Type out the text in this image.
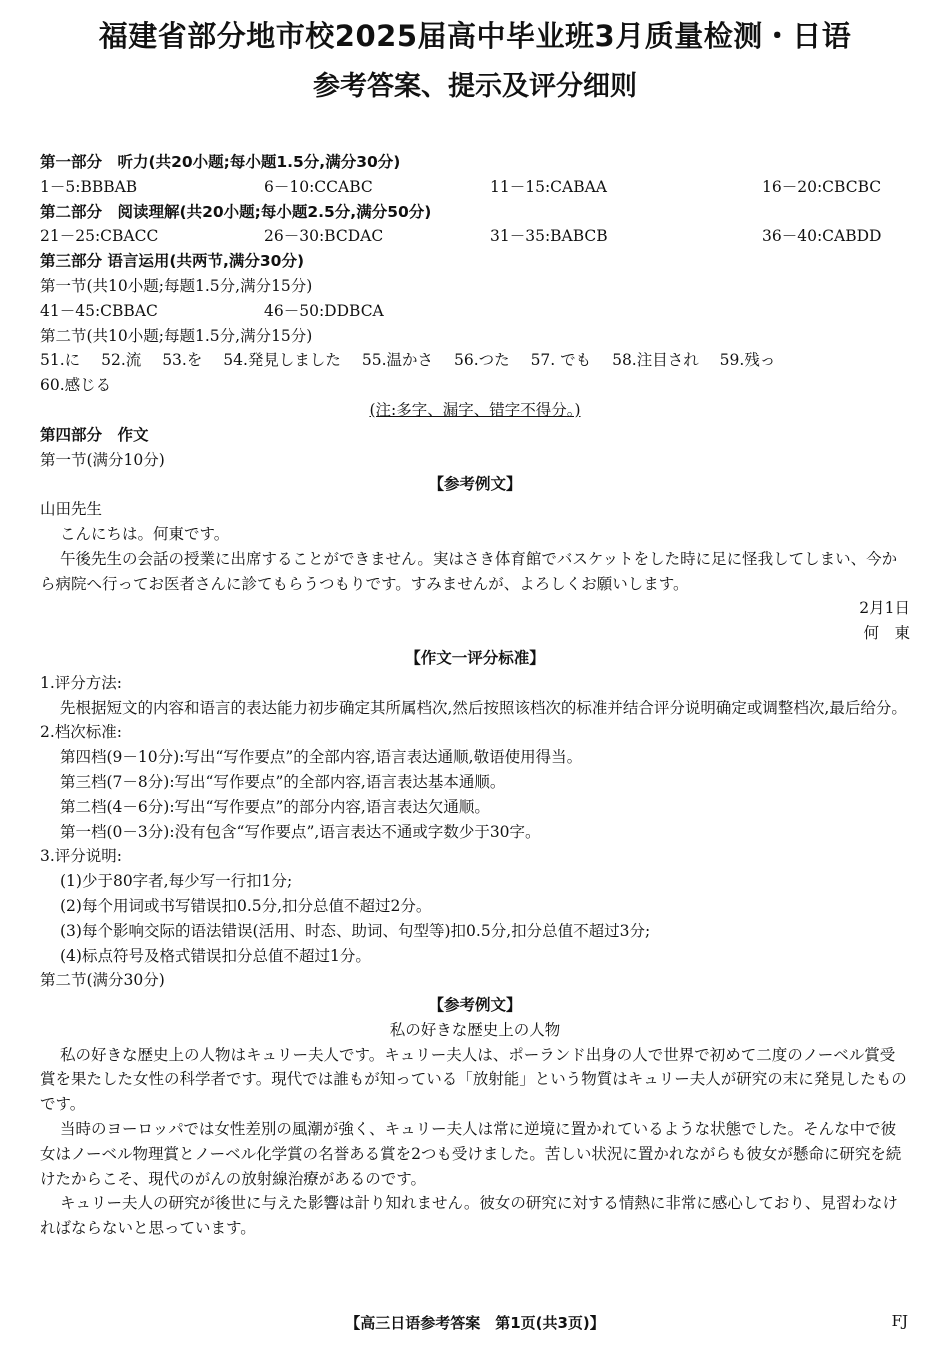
福建省部分地市校2025届高中毕业班3月质量检测・日语
参考答案、提示及评分细则
第一部分　听力(共20小题;每小题1.5分,满分30分)
1－5:BBBAB	6－10:CCABC	11－15:CABAA	16－20:CBCBC
第二部分　阅读理解(共20小题;每小题2.5分,满分50分)
21－25:CBACC	26－30:BCDAC	31－35:BABCB	36－40:CABDD
第三部分 语言运用(共两节,满分30分)
第一节(共10小题;每题1.5分,满分15分)
41－45:CBBAC	46－50:DDBCA
第二节(共10小题;每题1.5分,满分15分)
51.に 52.流 53.を 54.発見しました 55.温かさ 56.つた 57. でも 58.注目され 59.残っ
60.感じる
(注:多字、漏字、错字不得分。)
第四部分　作文
第一节(满分10分)
【参考例文】
山田先生
こんにちは。何東です。
午後先生の会話の授業に出席することができません。実はさき体育館でバスケットをした時に足に怪我してしまい、今から病院へ行ってお医者さんに診てもらうつもりです。すみませんが、よろしくお願いします。
2月1日
何　東
【作文一评分标准】
1.评分方法:
先根据短文的内容和语言的表达能力初步确定其所属档次,然后按照该档次的标准并结合评分说明确定或调整档次,最后给分。
2.档次标准:
第四档(9－10分):写出“写作要点”的全部内容,语言表达通顺,敬语使用得当。
第三档(7－8分):写出“写作要点”的全部内容,语言表达基本通顺。
第二档(4－6分):写出“写作要点”的部分内容,语言表达欠通顺。
第一档(0－3分):没有包含“写作要点”,语言表达不通或字数少于30字。
3.评分说明:
(1)少于80字者,每少写一行扣1分;
(2)每个用词或书写错误扣0.5分,扣分总值不超过2分。
(3)每个影响交际的语法错误(活用、时态、助词、句型等)扣0.5分,扣分总值不超过3分;
(4)标点符号及格式错误扣分总值不超过1分。
第二节(满分30分)
【参考例文】
私の好きな歴史上の人物
私の好きな歴史上の人物はキュリー夫人です。キュリー夫人は、ポーランド出身の人で世界で初めて二度のノーベル賞受賞を果たした女性の科学者です。現代では誰もが知っている「放射能」という物質はキュリー夫人が研究の末に発見したものです。
当時のヨーロッパでは女性差別の風潮が強く、キュリー夫人は常に逆境に置かれているような状態でした。そんな中で彼女はノーベル物理賞とノーベル化学賞の名誉ある賞を2つも受けました。苦しい状況に置かれながらも彼女が懸命に研究を続けたからこそ、現代のがんの放射線治療があるのです。
キュリー夫人の研究が後世に与えた影響は計り知れません。彼女の研究に対する情熱に非常に感心しており、見習わなければならないと思っています。
【高三日语参考答案　第1页(共3页)】	FJ
